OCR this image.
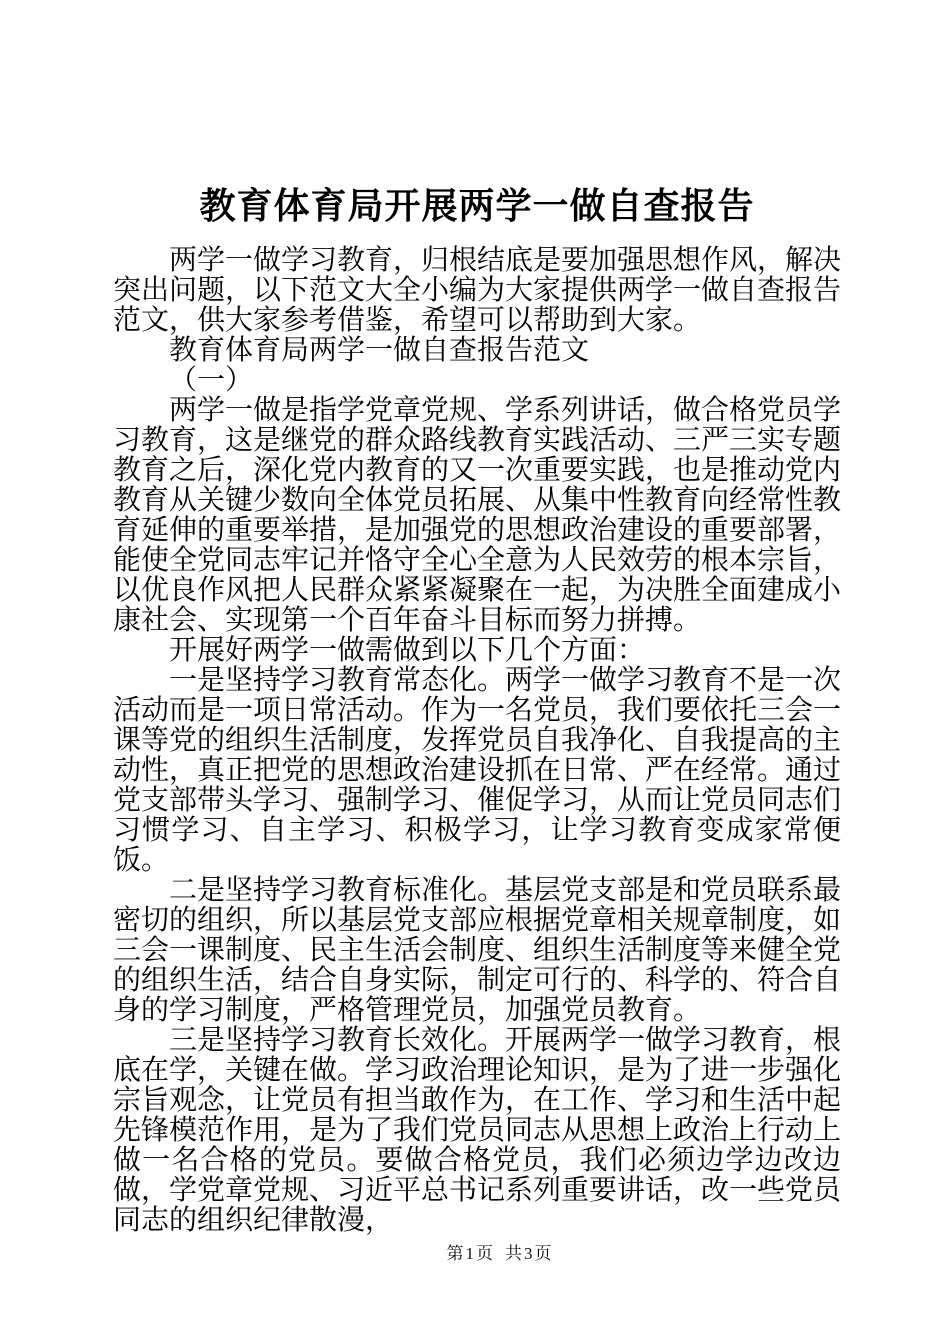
教育体育局开展两学一做自查报告

两学一做学习教育，归根结底是要加强思想作风，解决突出问题，以下范文大全小编为大家提供两学一做自查报告范文，供大家参考借鉴，希望可以帮助到大家。

教育体育局两学一做自查报告范文

（一）

两学一做是指学党章党规、学系列讲话，做合格党员学习教育，这是继党的群众路线教育实践活动、三严三实专题教育之后，深化党内教育的又一次重要实践，也是推动党内教育从关键少数向全体党员拓展、从集中性教育向经常性教育延伸的重要举措，是加强党的思想政治建设的重要部署，能使全党同志牢记并恪守全心全意为人民效劳的根本宗旨，以优良作风把人民群众紧紧凝聚在一起，为决胜全面建成小康社会、实现第一个百年奋斗目标而努力拼搏。

开展好两学一做需做到以下几个方面：

一是坚持学习教育常态化。两学一做学习教育不是一次活动而是一项日常活动。作为一名党员，我们要依托三会一课等党的组织生活制度，发挥党员自我净化、自我提高的主动性，真正把党的思想政治建设抓在日常、严在经常。通过党支部带头学习、强制学习、催促学习，从而让党员同志们习惯学习、自主学习、积极学习，让学习教育变成家常便饭。

二是坚持学习教育标准化。基层党支部是和党员联系最密切的组织，所以基层党支部应根据党章相关规章制度，如三会一课制度、民主生活会制度、组织生活制度等来健全党的组织生活，结合自身实际，制定可行的、科学的、符合自身的学习制度，严格管理党员，加强党员教育。

三是坚持学习教育长效化。开展两学一做学习教育，根底在学，关键在做。学习政治理论知识，是为了进一步强化宗旨观念，让党员有担当敢作为，在工作、学习和生活中起先锋模范作用，是为了我们党员同志从思想上政治上行动上做一名合格的党员。要做合格党员，我们必须边学边改边做，学党章党规、习近平总书记系列重要讲话，改一些党员同志的组织纪律散漫，

第1页 共3页
